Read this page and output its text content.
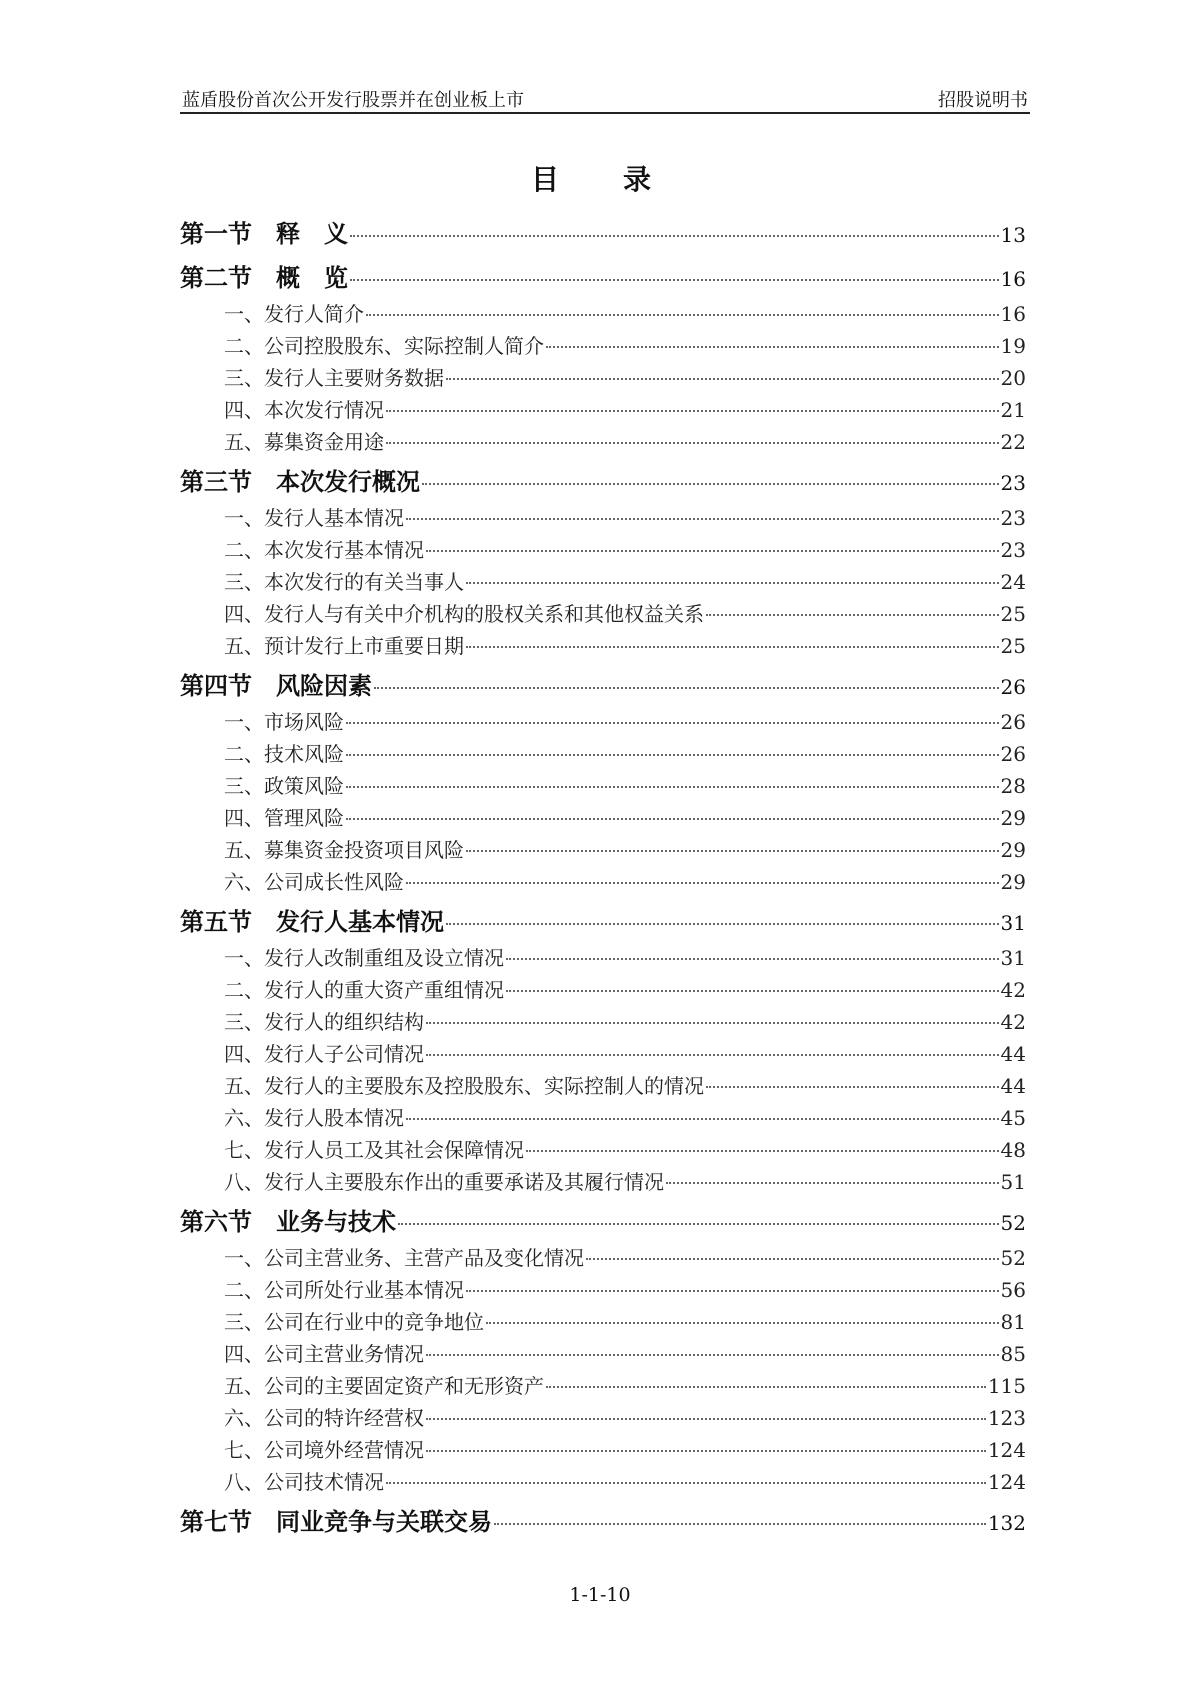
蓝盾股份首次公开发行股票并在创业板上市	招股说明书
目　录
第一节　释　义	13
第二节　概　览	16
一、发行人简介	16
二、公司控股股东、实际控制人简介	19
三、发行人主要财务数据	20
四、本次发行情况	21
五、募集资金用途	22
第三节　本次发行概况	23
一、发行人基本情况	23
二、本次发行基本情况	23
三、本次发行的有关当事人	24
四、发行人与有关中介机构的股权关系和其他权益关系	25
五、预计发行上市重要日期	25
第四节　风险因素	26
一、市场风险	26
二、技术风险	26
三、政策风险	28
四、管理风险	29
五、募集资金投资项目风险	29
六、公司成长性风险	29
第五节　发行人基本情况	31
一、发行人改制重组及设立情况	31
二、发行人的重大资产重组情况	42
三、发行人的组织结构	42
四、发行人子公司情况	44
五、发行人的主要股东及控股股东、实际控制人的情况	44
六、发行人股本情况	45
七、发行人员工及其社会保障情况	48
八、发行人主要股东作出的重要承诺及其履行情况	51
第六节　业务与技术	52
一、公司主营业务、主营产品及变化情况	52
二、公司所处行业基本情况	56
三、公司在行业中的竞争地位	81
四、公司主营业务情况	85
五、公司的主要固定资产和无形资产	115
六、公司的特许经营权	123
七、公司境外经营情况	124
八、公司技术情况	124
第七节　同业竞争与关联交易	132
1-1-10
